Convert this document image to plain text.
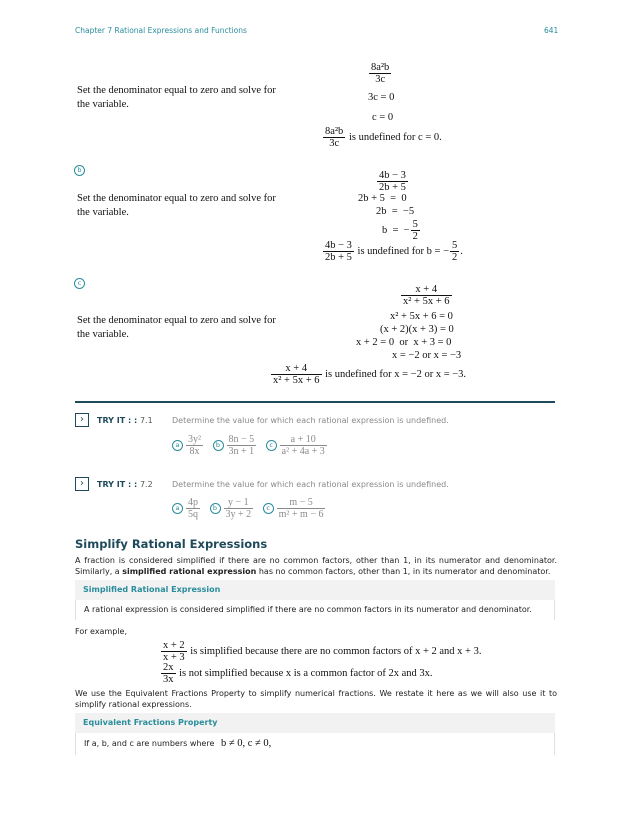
Chapter 7 Rational Expressions and Functions	641
$\frac{\text{8a²b}}{3c}$
Set the denominator equal to zero and solve for the variable.
3c = 0
c = 0
$\frac{\text{8a²b}}{3c}$ is undefined for c = 0.
b	$\frac{4b - 3}{2b + 5}$
Set the denominator equal to zero and solve for the variable.
2b + 5  =  0
2b  =  −5
b  =  − $\frac{5}{2}$
$\frac{4b - 3}{2b + 5}$ is undefined for b = − $\frac{5}{2}$ .
c
$\frac{x + 4}{\text{x² + 5x + 6}}$
Set the denominator equal to zero and solve for the variable.
x² + 5x + 6 = 0
(x + 2)(x + 3) = 0
x + 2 = 0  or  x + 3 = 0
x = −2 or x = −3
$\frac{x + 4}{\text{x² + 5x + 6}}$ is undefined for x = −2 or x = −3.
›	TRY IT : : 7.1 Determine the value for which each rational expression is undefined.
a $\frac{\text{3y²}}{8x}$ b $\frac{8n - 5}{3n + 1}$ c $\frac{a + 10}{\text{a² + 4a + 3}}$
›	TRY IT : : 7.2 Determine the value for which each rational expression is undefined.
a $\frac{4p}{5q}$ b $\frac{y - 1}{3y + 2}$ c $\frac{m - 5}{\text{m² + m − 6}}$
Simplify Rational Expressions
A fraction is considered simplified if there are no common factors, other than 1, in its numerator and denominator. Similarly, a simplified rational expression has no common factors, other than 1, in its numerator and denominator.
Simplified Rational Expression
A rational expression is considered simplified if there are no common factors in its numerator and denominator.
For example,
$\frac{x + 2}{x + 3}$ is simplified because there are no common factors of x + 2 and x + 3.
$\frac{2x}{3x}$ is not simplified because x is a common factor of 2x and 3x.
We use the Equivalent Fractions Property to simplify numerical fractions. We restate it here as we will also use it to simplify rational expressions.
Equivalent Fractions Property
If a, b, and c are numbers where b ≠ 0, c ≠ 0,
